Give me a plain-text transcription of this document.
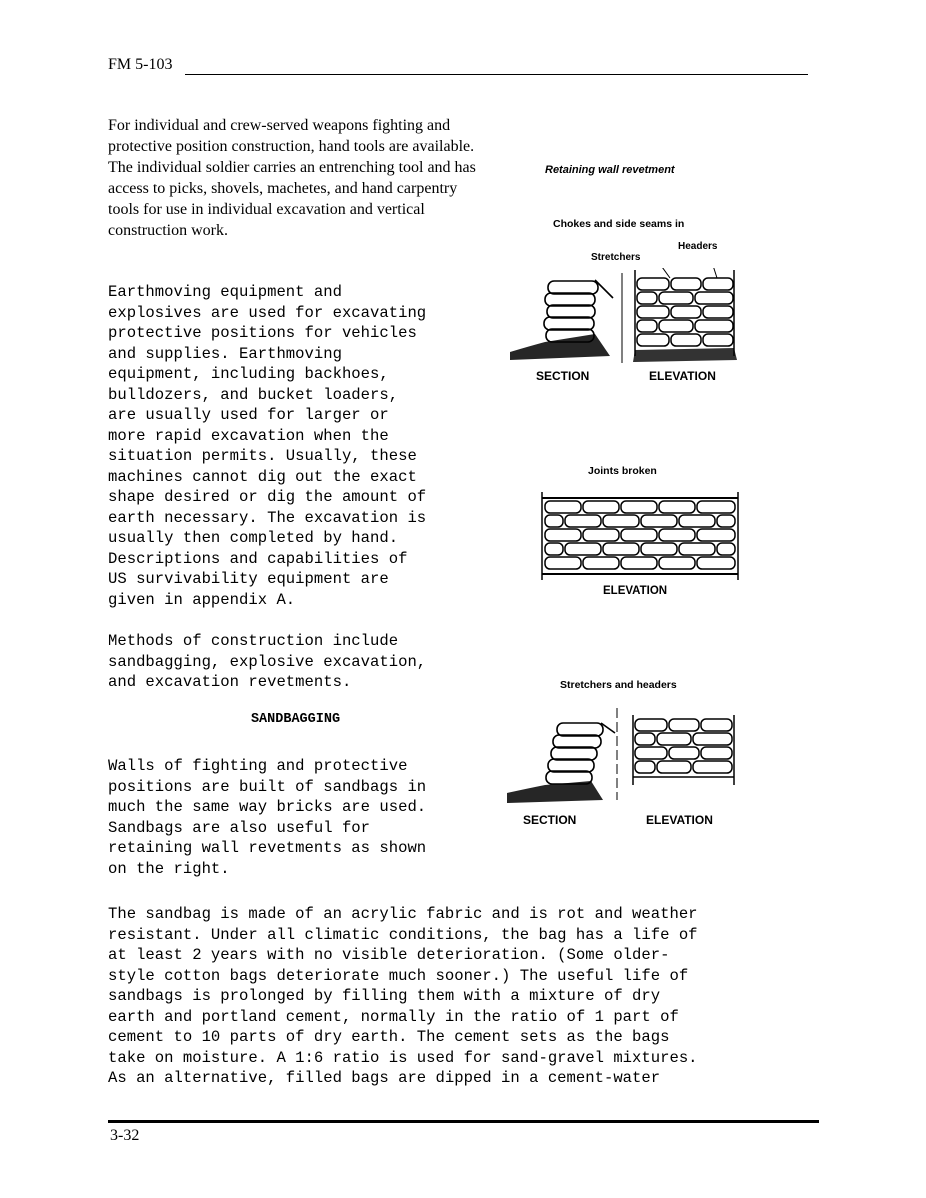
FM 5-103
For individual and crew-served weapons fighting and protective position construction, hand tools are available. The individual soldier carries an entrenching tool and has access to picks, shovels, machetes, and hand carpentry tools for use in individual excavation and vertical construction work.
Earthmoving equipment and
explosives are used for excavating
protective positions for vehicles
and supplies. Earthmoving
equipment, including backhoes,
bulldozers, and bucket loaders,
are usually used for larger or
more rapid excavation when the
situation permits. Usually, these
machines cannot dig out the exact
shape desired or dig the amount of
earth necessary. The excavation is
usually then completed by hand.
Descriptions and capabilities of
US survivability equipment are
given in appendix A.
Methods of construction include
sandbagging, explosive excavation,
and excavation revetments.
SANDBAGGING
Walls of fighting and protective
positions are built of sandbags in
much the same way bricks are used.
Sandbags are also useful for
retaining wall revetments as shown
on the right.
The sandbag is made of an acrylic fabric and is rot and weather
resistant. Under all climatic conditions, the bag has a life of
at least 2 years with no visible deterioration. (Some older-
style cotton bags deteriorate much sooner.) The useful life of
sandbags is prolonged by filling them with a mixture of dry
earth and portland cement, normally in the ratio of 1 part of
cement to 10 parts of dry earth. The cement sets as the bags
take on moisture. A 1:6 ratio is used for sand-gravel mixtures.
As an alternative, filled bags are dipped in a cement-water
Retaining wall revetment
Chokes and side seams in
Stretchers
Headers
SECTION	ELEVATION
Joints broken
ELEVATION
Stretchers and headers
SECTION	ELEVATION
3-32
